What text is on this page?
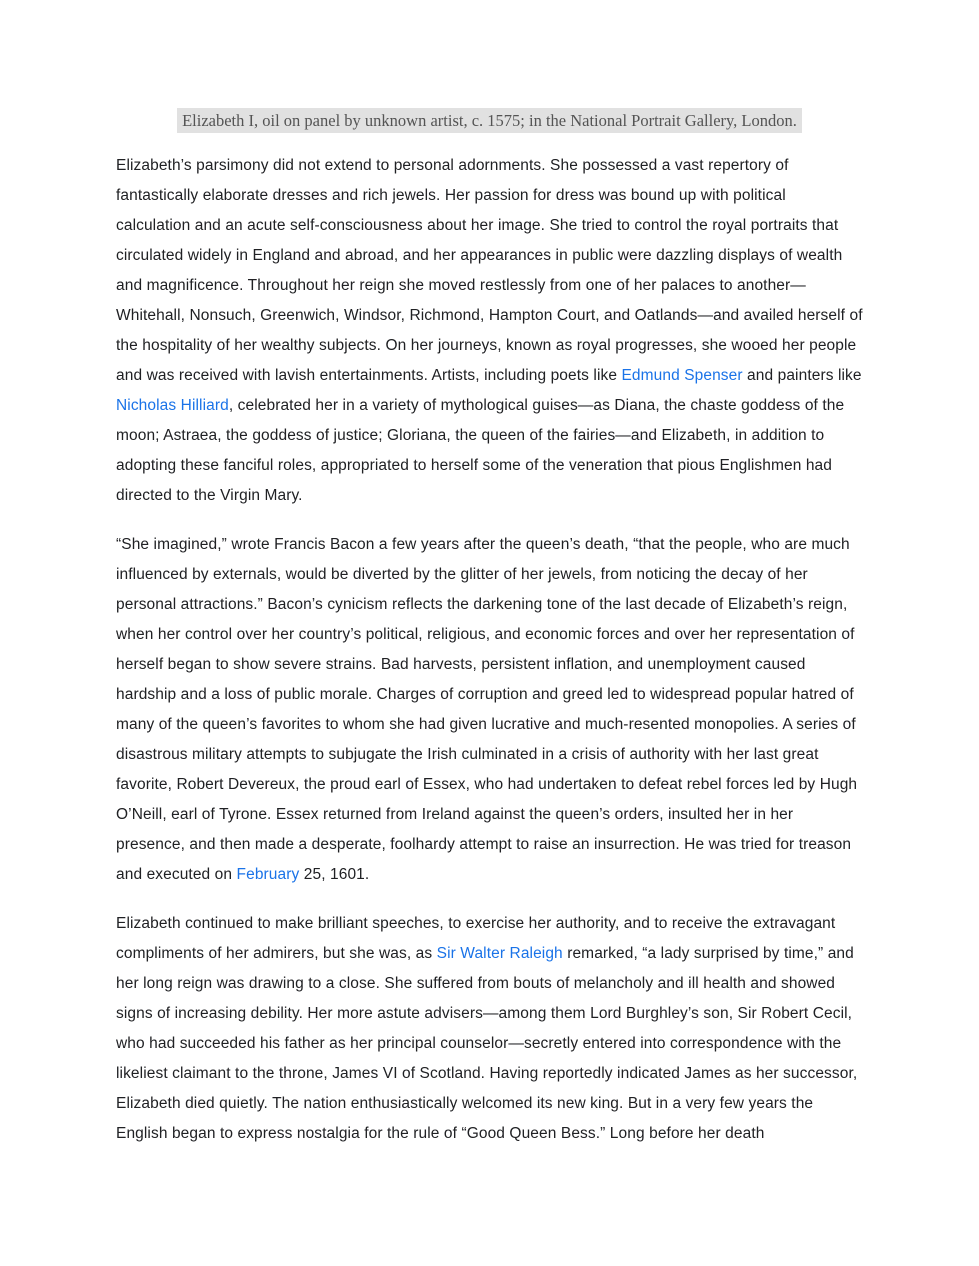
Elizabeth I, oil on panel by unknown artist, c. 1575; in the National Portrait Gallery, London.

Elizabeth’s parsimony did not extend to personal adornments. She possessed a vast repertory of fantastically elaborate dresses and rich jewels. Her passion for dress was bound up with political calculation and an acute self-consciousness about her image. She tried to control the royal portraits that circulated widely in England and abroad, and her appearances in public were dazzling displays of wealth and magnificence. Throughout her reign she moved restlessly from one of her palaces to another—Whitehall, Nonsuch, Greenwich, Windsor, Richmond, Hampton Court, and Oatlands—and availed herself of the hospitality of her wealthy subjects. On her journeys, known as royal progresses, she wooed her people and was received with lavish entertainments. Artists, including poets like Edmund Spenser and painters like Nicholas Hilliard, celebrated her in a variety of mythological guises—as Diana, the chaste goddess of the moon; Astraea, the goddess of justice; Gloriana, the queen of the fairies—and Elizabeth, in addition to adopting these fanciful roles, appropriated to herself some of the veneration that pious Englishmen had directed to the Virgin Mary.

“She imagined,” wrote Francis Bacon a few years after the queen’s death, “that the people, who are much influenced by externals, would be diverted by the glitter of her jewels, from noticing the decay of her personal attractions.” Bacon’s cynicism reflects the darkening tone of the last decade of Elizabeth’s reign, when her control over her country’s political, religious, and economic forces and over her representation of herself began to show severe strains. Bad harvests, persistent inflation, and unemployment caused hardship and a loss of public morale. Charges of corruption and greed led to widespread popular hatred of many of the queen’s favorites to whom she had given lucrative and much-resented monopolies. A series of disastrous military attempts to subjugate the Irish culminated in a crisis of authority with her last great favorite, Robert Devereux, the proud earl of Essex, who had undertaken to defeat rebel forces led by Hugh O’Neill, earl of Tyrone. Essex returned from Ireland against the queen’s orders, insulted her in her presence, and then made a desperate, foolhardy attempt to raise an insurrection. He was tried for treason and executed on February 25, 1601.

Elizabeth continued to make brilliant speeches, to exercise her authority, and to receive the extravagant compliments of her admirers, but she was, as Sir Walter Raleigh remarked, “a lady surprised by time,” and her long reign was drawing to a close. She suffered from bouts of melancholy and ill health and showed signs of increasing debility. Her more astute advisers—among them Lord Burghley’s son, Sir Robert Cecil, who had succeeded his father as her principal counselor—secretly entered into correspondence with the likeliest claimant to the throne, James VI of Scotland. Having reportedly indicated James as her successor, Elizabeth died quietly. The nation enthusiastically welcomed its new king. But in a very few years the English began to express nostalgia for the rule of “Good Queen Bess.” Long before her death
